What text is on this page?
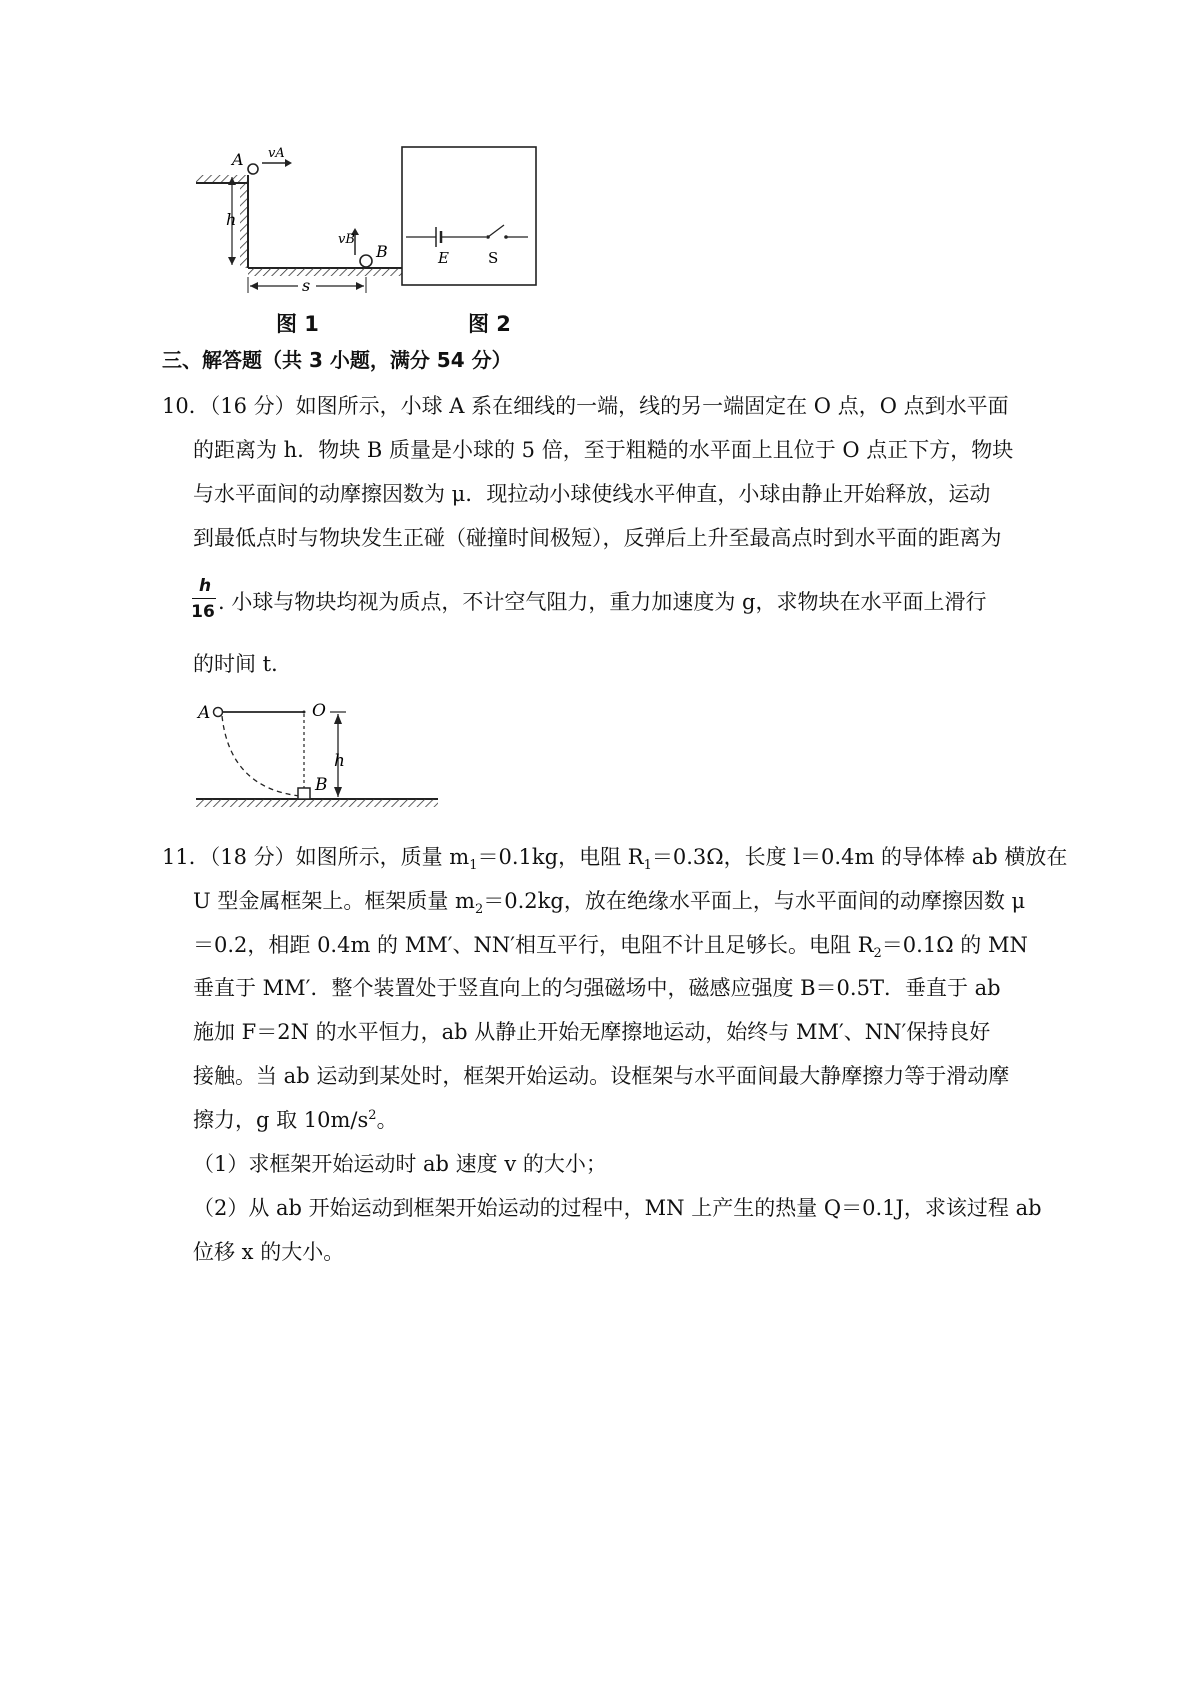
A vA
h
B
vB
s
图 1
E	S
图 2
三、解答题（共 3 小题，满分 54 分）
10．（16 分）如图所示，小球 A 系在细线的一端，线的另一端固定在 O 点，O 点到水平面
的距离为 h．物块 B 质量是小球的 5 倍，至于粗糙的水平面上且位于 O 点正下方，物块
与水平面间的动摩擦因数为 μ．现拉动小球使线水平伸直，小球由静止开始释放，运动
到最低点时与物块发生正碰（碰撞时间极短），反弹后上升至最高点时到水平面的距离为
h
16 . 小球与物块均视为质点，不计空气阻力，重力加速度为 g，求物块在水平面上滑行
的时间 t．
A	O
B
h
11．（18 分）如图所示，质量 $m_1=0.1kg$，电阻 $R_1=0.3\Omega$，长度 l＝0.4m 的导体棒 ab 横放在
U 型金属框架上。框架质量 $m_2=0.2kg$，放在绝缘水平面上，与水平面间的动摩擦因数 μ
＝0.2，相距 0.4m 的 MM′、NN′相互平行，电阻不计且足够长。电阻 $R_2=0.1\Omega$ 的 MN
垂直于 MM′．整个装置处于竖直向上的匀强磁场中，磁感应强度 B＝0.5T．垂直于 ab
施加 F＝2N 的水平恒力，ab 从静止开始无摩擦地运动，始终与 MM′、NN′保持良好
接触。当 ab 运动到某处时，框架开始运动。设框架与水平面间最大静摩擦力等于滑动摩
擦力，g 取 $10m/s^2$。
（1）求框架开始运动时 ab 速度 v 的大小；
（2）从 ab 开始运动到框架开始运动的过程中，MN 上产生的热量 Q＝0.1J，求该过程 ab
位移 x 的大小。
